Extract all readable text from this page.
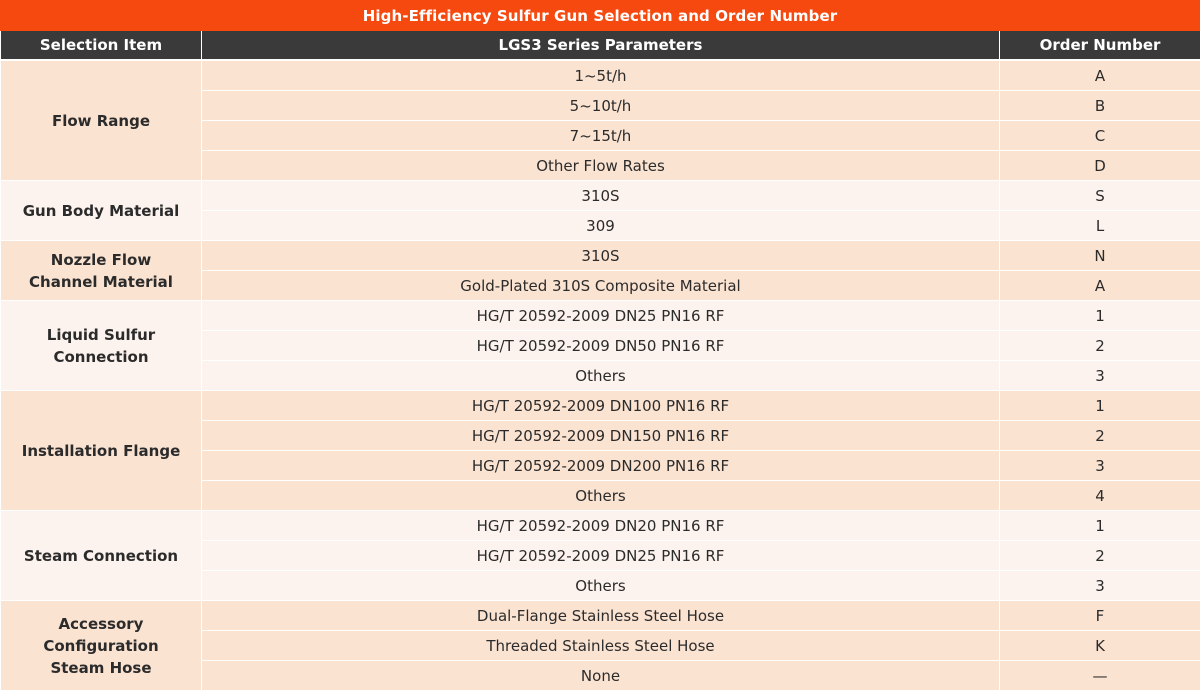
High-Efficiency Sulfur Gun Selection and Order Number
Selection Item	LGS3 Series Parameters	Order Number
Flow Range	1~5t/h	A
	5~10t/h	B
	7~15t/h	C
	Other Flow Rates	D
Gun Body Material	310S	S
	309	L
Nozzle Flow
Channel Material	310S	N
	Gold-Plated 310S Composite Material	A
Liquid Sulfur
Connection	HG/T 20592-2009 DN25 PN16 RF	1
	HG/T 20592-2009 DN50 PN16 RF	2
	Others	3
Installation Flange	HG/T 20592-2009 DN100 PN16 RF	1
	HG/T 20592-2009 DN150 PN16 RF	2
	HG/T 20592-2009 DN200 PN16 RF	3
	Others	4
Steam Connection	HG/T 20592-2009 DN20 PN16 RF	1
	HG/T 20592-2009 DN25 PN16 RF	2
	Others	3
Accessory
Configuration
Steam Hose	Dual-Flange Stainless Steel Hose	F
	Threaded Stainless Steel Hose	K
	None	—
